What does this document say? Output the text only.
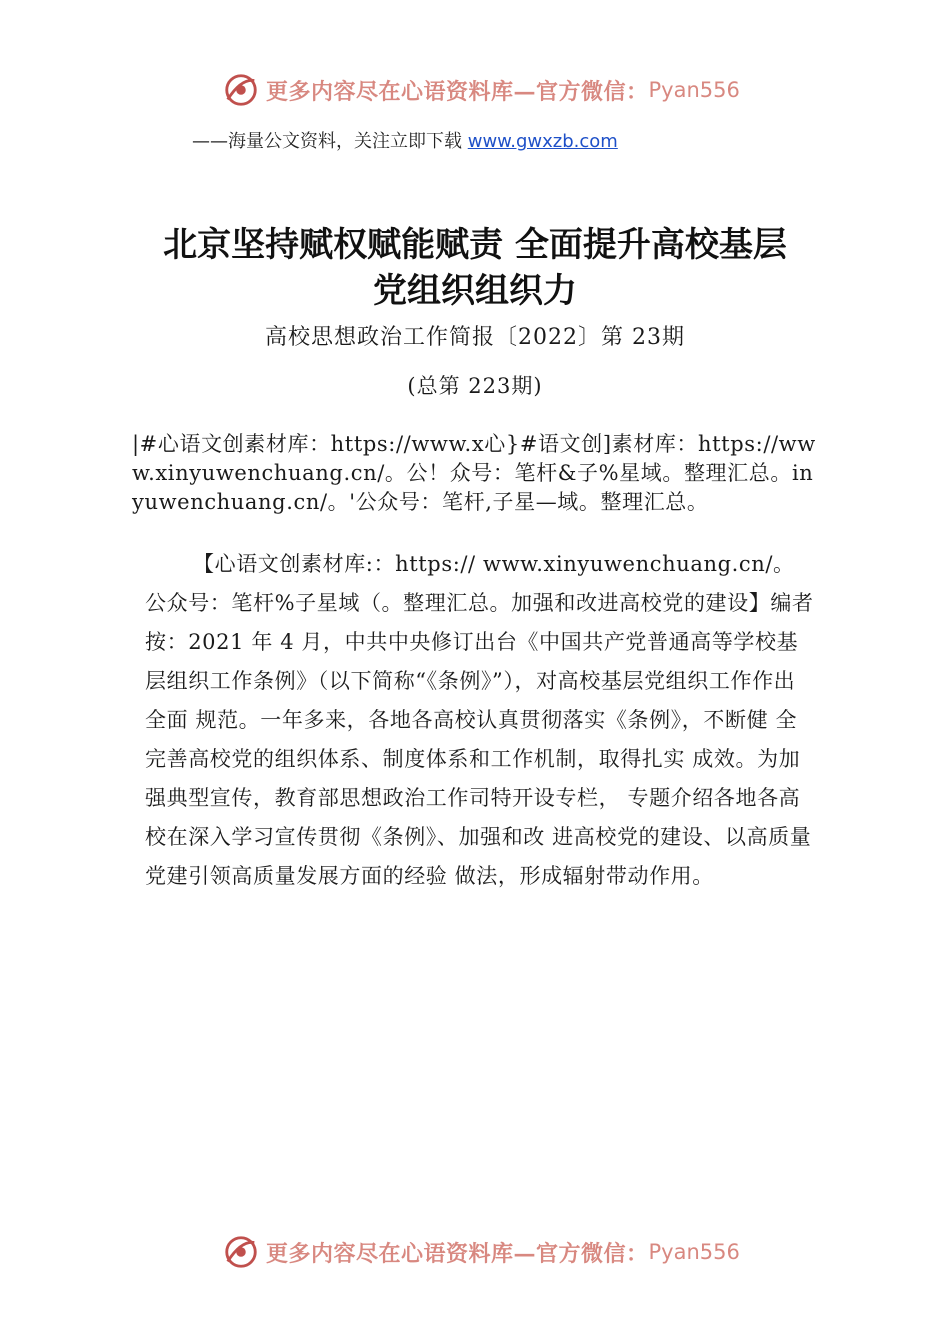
更多内容尽在心语资料库—官方微信： Pyan556
——海量公文资料，关注立即下载 www.gwxzb.com
北京坚持赋权赋能赋责 全面提升高校基层
党组织组织力
高校思想政治工作简报〔2022〕第 23期
(总第 223期)
|#心语文创素材库：https://www.x心}#语文创]素材库：https://www.xinyuwenchuang.cn/。公！众号：笔杆&子%星域。整理汇总。inyuwenchuang.cn/。'公众号：笔杆,子星—域。整理汇总。
【心语文创素材库:：https:// www.xinyuwenchuang.cn/。公众号：笔杆%子星域（。整理汇总。加强和改进高校党的建设】编者按：2021 年 4 月，中共中央修订出台《中国共产党普通高等学校基层组织工作条例》（以下简称“《条例》”），对高校基层党组织工作作出全面 规范。一年多来，各地各高校认真贯彻落实《条例》，不断健 全完善高校党的组织体系、制度体系和工作机制，取得扎实 成效。为加强典型宣传，教育部思想政治工作司特开设专栏， 专题介绍各地各高校在深入学习宣传贯彻《条例》、加强和改 进高校党的建设、以高质量党建引领高质量发展方面的经验 做法，形成辐射带动作用。
更多内容尽在心语资料库—官方微信： Pyan556
